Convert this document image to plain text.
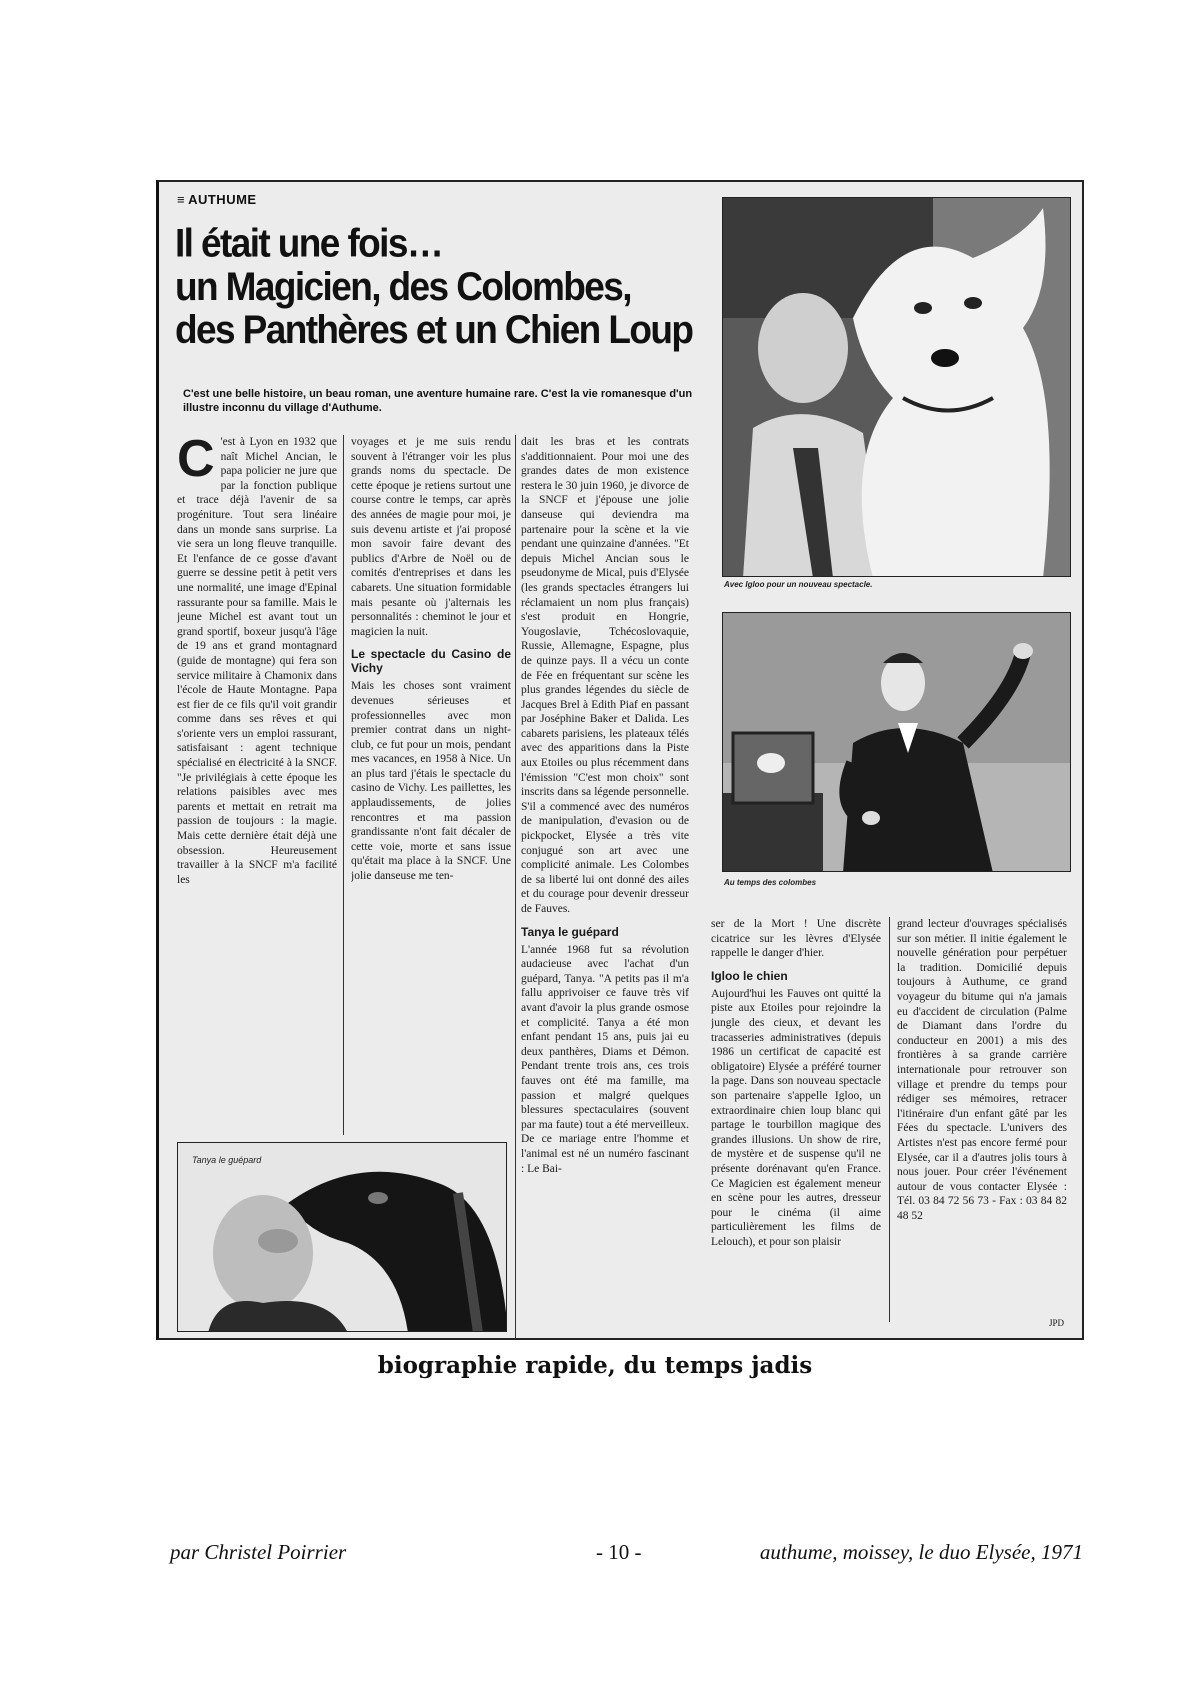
≡ AUTHUME
Il était une fois…
un Magicien, des Colombes,
des Panthères et un Chien Loup
C'est une belle histoire, un beau roman, une aventure humaine rare. C'est la vie romanesque d'un illustre inconnu du village d'Authume.
C 'est à Lyon en 1932 que naît Michel Ancian, le papa policier ne jure que par la fonction publique et trace déjà l'avenir de sa progéniture. Tout sera linéaire dans un monde sans surprise. La vie sera un long fleuve tranquille. Et l'enfance de ce gosse d'avant guerre se dessine petit à petit vers une normalité, une image d'Epinal rassurante pour sa famille. Mais le jeune Michel est avant tout un grand sportif, boxeur jusqu'à l'âge de 19 ans et grand montagnard (guide de montagne) qui fera son service militaire à Chamonix dans l'école de Haute Montagne. Papa est fier de ce fils qu'il voit grandir comme dans ses rêves et qui s'oriente vers un emploi rassurant, satisfaisant : agent technique spécialisé en électricité à la SNCF. "Je privilégiais à cette époque les relations paisibles avec mes parents et mettait en retrait ma passion de toujours : la magie. Mais cette dernière était déjà une obsession. Heureusement travailler à la SNCF m'a facilité les

voyages et je me suis rendu souvent à l'étranger voir les plus grands noms du spectacle. De cette époque je retiens surtout une course contre le temps, car après des années de magie pour moi, je suis devenu artiste et j'ai proposé mon savoir faire devant des publics d'Arbre de Noël ou de comités d'entreprises et dans les cabarets. Une situation formidable mais pesante où j'alternais les personnalités : cheminot le jour et magicien la nuit.

Le spectacle du Casino de Vichy

Mais les choses sont vraiment devenues sérieuses et professionnelles avec mon premier contrat dans un night-club, ce fut pour un mois, pendant mes vacances, en 1958 à Nice. Un an plus tard j'étais le spectacle du casino de Vichy. Les paillettes, les applaudissements, de jolies rencontres et ma passion grandissante n'ont fait décaler de cette voie, morte et sans issue qu'était ma place à la SNCF. Une jolie danseuse me ten-

dait les bras et les contrats s'additionnaient. Pour moi une des grandes dates de mon existence restera le 30 juin 1960, je divorce de la SNCF et j'épouse une jolie danseuse qui deviendra ma partenaire pour la scène et la vie pendant une quinzaine d'années. "Et depuis Michel Ancian sous le pseudonyme de Mical, puis d'Elysée (les grands spectacles étrangers lui réclamaient un nom plus français) s'est produit en Hongrie, Yougoslavie, Tchécoslovaquie, Russie, Allemagne, Espagne, plus de quinze pays. Il a vécu un conte de Fée en fréquentant sur scène les plus grandes légendes du siècle de Jacques Brel à Edith Piaf en passant par Joséphine Baker et Dalida. Les cabarets parisiens, les plateaux télés avec des apparitions dans la Piste aux Etoiles ou plus récemment dans l'émission "C'est mon choix" sont inscrits dans sa légende personnelle. S'il a commencé avec des numéros de manipulation, d'evasion ou de pickpocket, Elysée a très vite conjugué son art avec une complicité animale. Les Colombes de sa liberté lui ont donné des ailes et du courage pour devenir dresseur de Fauves.

Tanya le guépard

L'année 1968 fut sa révolution audacieuse avec l'achat d'un guépard, Tanya. "A petits pas il m'a fallu apprivoiser ce fauve très vif avant d'avoir la plus grande osmose et complicité. Tanya a été mon enfant pendant 15 ans, puis jai eu deux panthères, Diams et Démon. Pendant trente trois ans, ces trois fauves ont été ma famille, ma passion et malgré quelques blessures spectaculaires (souvent par ma faute) tout a été merveilleux. De ce mariage entre l'homme et l'animal est né un numéro fascinant : Le Bai-

Avec Igloo pour un nouveau spectacle.
Au temps des colombes

ser de la Mort ! Une discrète cicatrice sur les lèvres d'Elysée rappelle le danger d'hier.

Igloo le chien

Aujourd'hui les Fauves ont quitté la piste aux Etoiles pour rejoindre la jungle des cieux, et devant les tracasseries administratives (depuis 1986 un certificat de capacité est obligatoire) Elysée a préféré tourner la page. Dans son nouveau spectacle son partenaire s'appelle Igloo, un extraordinaire chien loup blanc qui partage le tourbillon magique des grandes illusions. Un show de rire, de mystère et de suspense qu'il ne présente dorénavant qu'en France. Ce Magicien est également meneur en scène pour les autres, dresseur pour le cinéma (il aime particulièrement les films de Lelouch), et pour son plaisir

grand lecteur d'ouvrages spécialisés sur son métier. Il initie également le nouvelle génération pour perpétuer la tradition. Domicilié depuis toujours à Authume, ce grand voyageur du bitume qui n'a jamais eu d'accident de circulation (Palme de Diamant dans l'ordre du conducteur en 2001) a mis des frontières à sa grande carrière internationale pour retrouver son village et prendre du temps pour rédiger ses mémoires, retracer l'itinéraire d'un enfant gâté par les Fées du spectacle. L'univers des Artistes n'est pas encore fermé pour Elysée, car il a d'autres jolis tours à nous jouer. Pour créer l'événement autour de vous contacter Elysée : Tél. 03 84 72 56 73 - Fax : 03 84 82 48 52

JPD
Tanya le guépard
biographie rapide, du temps jadis
par Christel Poirrier	- 10 -	authume, moissey, le duo Elysée, 1971
